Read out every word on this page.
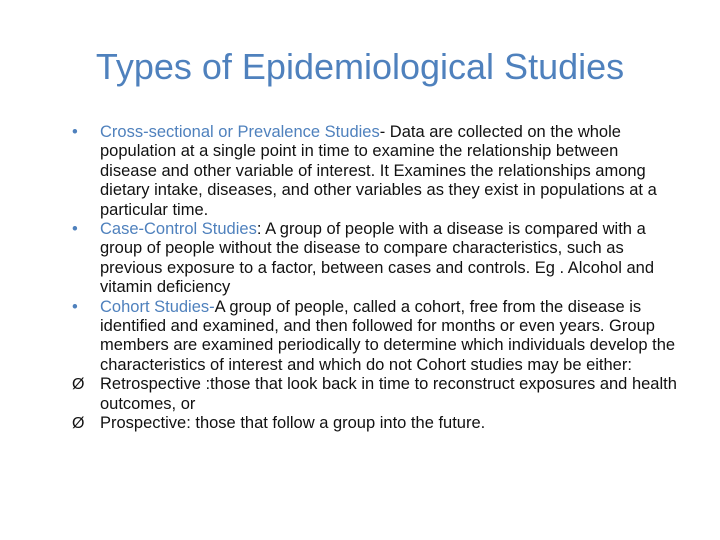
Types of Epidemiological Studies

•	Cross-sectional or Prevalence Studies- Data are collected on the whole population at a single point in time to examine the relationship between disease and other variable of interest. It Examines the relationships among dietary intake, diseases, and other variables as they exist in populations at a particular time.

•	Case-Control Studies: A group of people with a disease is compared with a group of people without the disease to compare characteristics, such as previous exposure to a factor, between cases and controls. Eg . Alcohol and vitamin deficiency

•	Cohort Studies-A group of people, called a cohort, free from the disease is identified and examined, and then followed for months or even years. Group members are examined periodically to determine which individuals develop the characteristics of interest and which do not Cohort studies may be either:

Ø Retrospective :those that look back in time to reconstruct exposures and health outcomes, or

Ø Prospective: those that follow a group into the future.
